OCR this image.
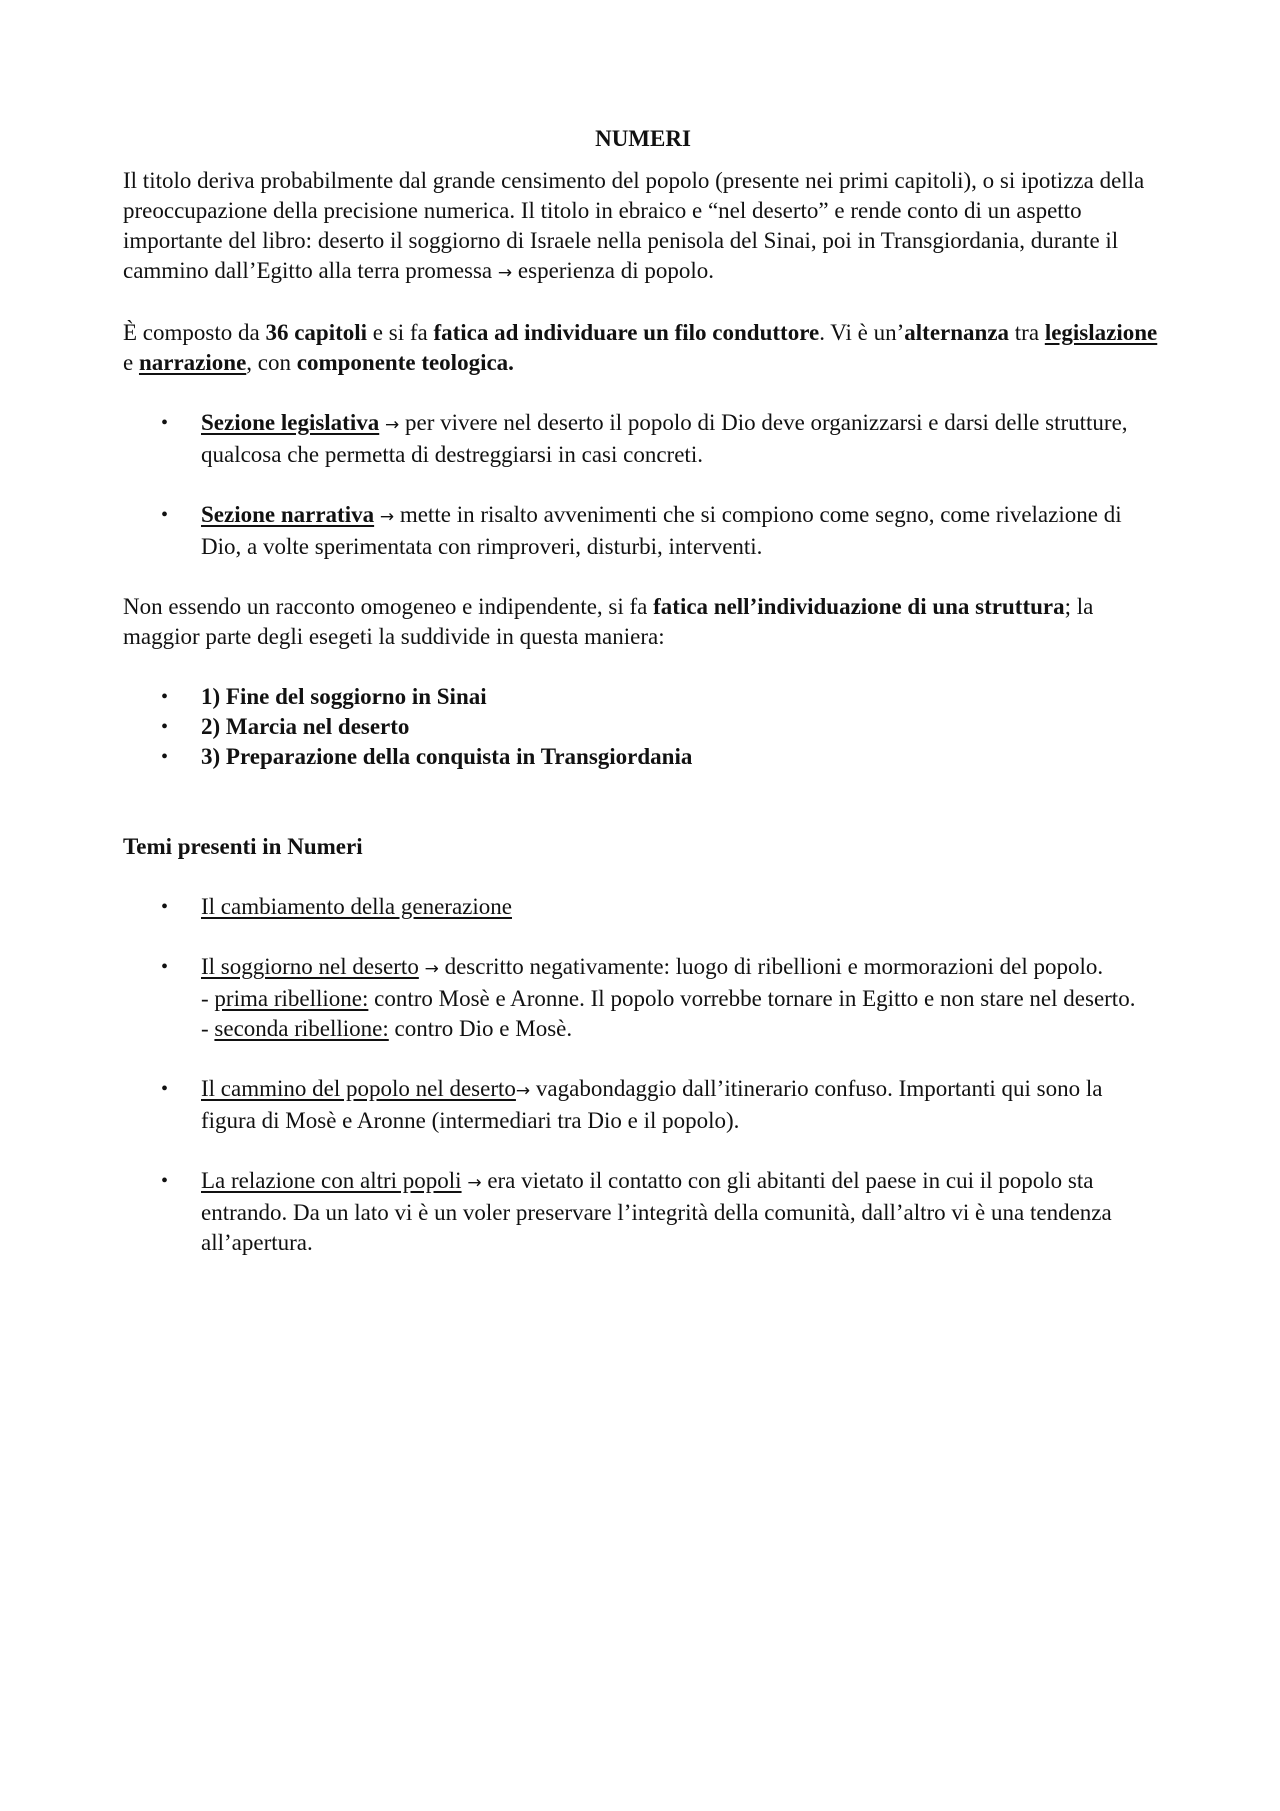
NUMERI

Il titolo deriva probabilmente dal grande censimento del popolo (presente nei primi capitoli), o si ipotizza della preoccupazione della precisione numerica. Il titolo in ebraico e “nel deserto” e rende conto di un aspetto importante del libro: deserto il soggiorno di Israele nella penisola del Sinai, poi in Transgiordania, durante il cammino dall’Egitto alla terra promessa → esperienza di popolo.

È composto da 36 capitoli e si fa fatica ad individuare un filo conduttore. Vi è un’alternanza tra legislazione e narrazione, con componente teologica.

• Sezione legislativa → per vivere nel deserto il popolo di Dio deve organizzarsi e darsi delle strutture, qualcosa che permetta di destreggiarsi in casi concreti.
• Sezione narrativa → mette in risalto avvenimenti che si compiono come segno, come rivelazione di Dio, a volte sperimentata con rimproveri, disturbi, interventi.

Non essendo un racconto omogeneo e indipendente, si fa fatica nell’individuazione di una struttura; la maggior parte degli esegeti la suddivide in questa maniera:

• 1) Fine del soggiorno in Sinai
• 2) Marcia nel deserto
• 3) Preparazione della conquista in Transgiordania

Temi presenti in Numeri

• Il cambiamento della generazione
• Il soggiorno nel deserto → descritto negativamente: luogo di ribellioni e mormorazioni del popolo.
- prima ribellione: contro Mosè e Aronne. Il popolo vorrebbe tornare in Egitto e non stare nel deserto.
- seconda ribellione: contro Dio e Mosè.
• Il cammino del popolo nel deserto→ vagabondaggio dall’itinerario confuso. Importanti qui sono la figura di Mosè e Aronne (intermediari tra Dio e il popolo).
• La relazione con altri popoli → era vietato il contatto con gli abitanti del paese in cui il popolo sta entrando. Da un lato vi è un voler preservare l’integrità della comunità, dall’altro vi è una tendenza all’apertura.
